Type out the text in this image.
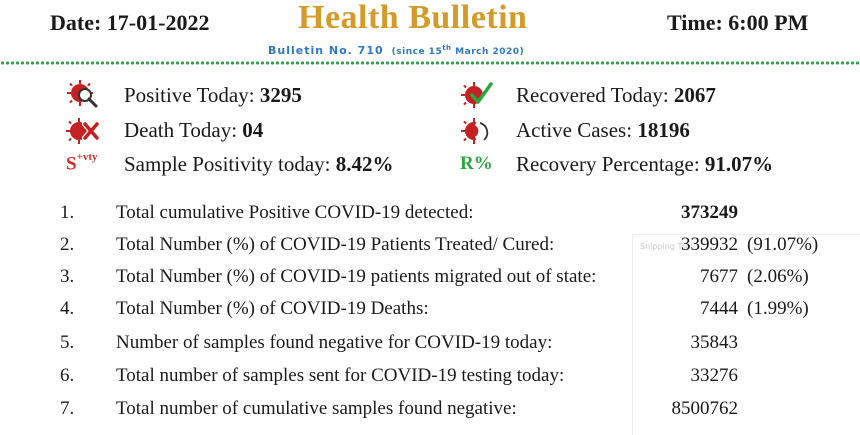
Date: 17-01-2022	Health Bulletin	Time: 6:00 PM
Bulletin No. 710 (since 15th March 2020)
Positive Today: 3295	Recovered Today: 2067
Death Today: 04	Active Cases: 18196
$S^{+vty}$ Sample Positivity today: 8.42%	R% Recovery Percentage: 91.07%
Snipping Tool
1. Total cumulative Positive COVID-19 detected:	373249
2. Total Number (%) of COVID-19 Patients Treated/ Cured:	339932 (91.07%)
3. Total Number (%) of COVID-19 patients migrated out of state:	7677 (2.06%)
4. Total Number (%) of COVID-19 Deaths:	7444 (1.99%)
5. Number of samples found negative for COVID-19 today:	35843
6. Total number of samples sent for COVID-19 testing today:	33276
7. Total number of cumulative samples found negative:	8500762
